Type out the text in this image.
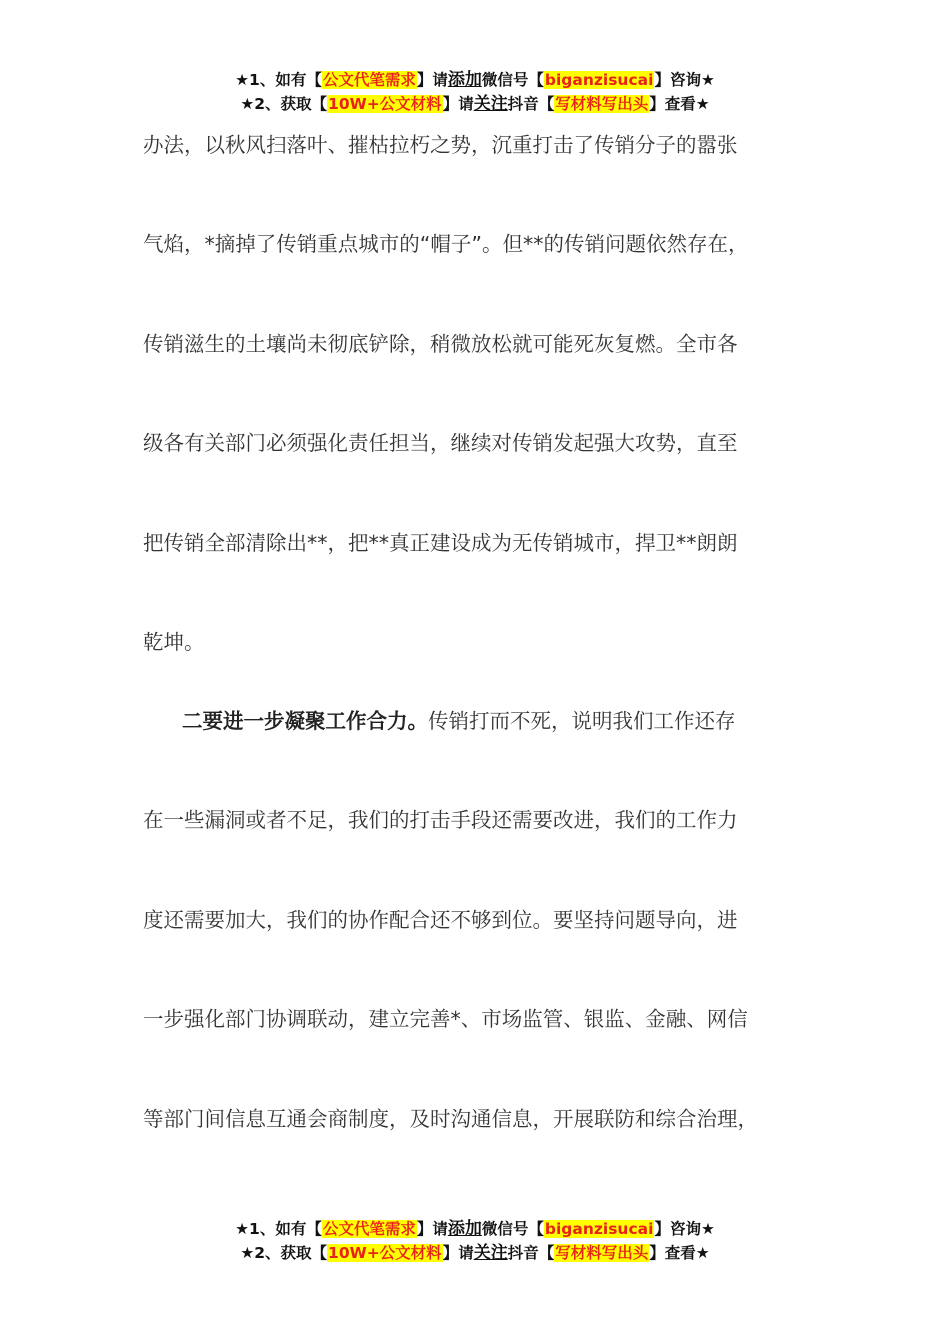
★1、如有【公文代笔需求】请添加微信号【biganzisucai】咨询★
★2、获取【10W+公文材料】请关注抖音【写材料写出头】查看★
办法，以秋风扫落叶、摧枯拉朽之势，沉重打击了传销分子的嚣张
气焰，*摘掉了传销重点城市的“帽子”。但**的传销问题依然存在，
传销滋生的土壤尚未彻底铲除，稍微放松就可能死灰复燃。全市各
级各有关部门必须强化责任担当，继续对传销发起强大攻势，直至
把传销全部清除出**，把**真正建设成为无传销城市，捍卫**朗朗
乾坤。
二要进一步凝聚工作合力。传销打而不死，说明我们工作还存
在一些漏洞或者不足，我们的打击手段还需要改进，我们的工作力
度还需要加大，我们的协作配合还不够到位。要坚持问题导向，进
一步强化部门协调联动，建立完善*、市场监管、银监、金融、网信
等部门间信息互通会商制度，及时沟通信息，开展联防和综合治理，
★1、如有【公文代笔需求】请添加微信号【biganzisucai】咨询★
★2、获取【10W+公文材料】请关注抖音【写材料写出头】查看★
